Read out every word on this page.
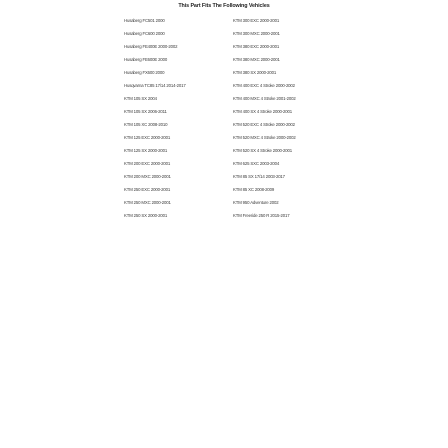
This Part Fits The Following Vehicles
Husaberg FC501 2000
Husaberg FC600 2000
Husaberg FE400E 2000-2002
Husaberg FE600E 2000
Husaberg FX600 2000
Husqvarna TC85 17/14 2014-2017
KTM 105 SX 2004
KTM 105 SX 2006-2011
KTM 105 XC 2008-2010
KTM 125 EXC 2000-2001
KTM 125 SX 2000-2001
KTM 200 EXC 2000-2001
KTM 200 MXC 2000-2001
KTM 250 EXC 2000-2001
KTM 250 MXC 2000-2001
KTM 250 SX 2000-2001
KTM 300 EXC 2000-2001
KTM 300 MXC 2000-2001
KTM 380 EXC 2000-2001
KTM 380 MXC 2000-2001
KTM 380 SX 2000-2001
KTM 400 EXC 4 Stroke 2000-2002
KTM 400 MXC 4 Stroke 2001-2002
KTM 400 SX 4 Stroke 2000-2001
KTM 520 EXC 4 Stroke 2000-2002
KTM 520 MXC 4 Stroke 2000-2002
KTM 520 SX 4 Stroke 2000-2001
KTM 625 SXC 2003-2004
KTM 85 SX 17/14 2003-2017
KTM 85 XC 2008-2009
KTM 950 Adventure 2002
KTM Freeride 250 R 2015-2017
